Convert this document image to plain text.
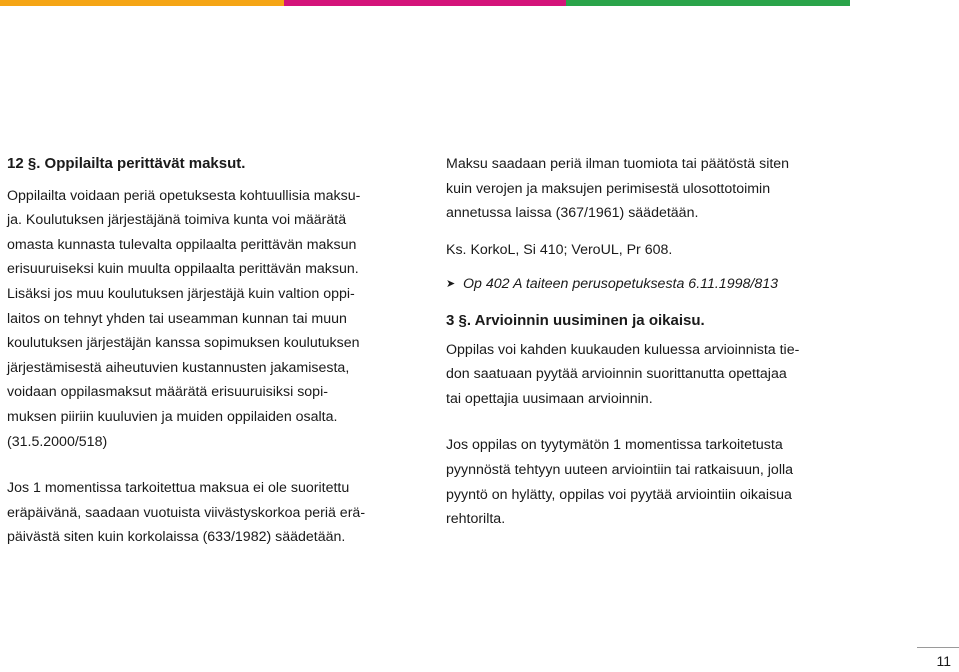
12 §. Oppilailta perittävät maksut.

Oppilailta voidaan periä opetuksesta kohtuullisia maksu-
ja. Koulutuksen järjestäjänä toimiva kunta voi määrätä
omasta kunnasta tulevalta oppilaalta perittävän maksun
erisuuruiseksi kuin muulta oppilaalta perittävän maksun.
Lisäksi jos muu koulutuksen järjestäjä kuin valtion oppi-
laitos on tehnyt yhden tai useamman kunnan tai muun
koulutuksen järjestäjän kanssa sopimuksen koulutuksen
järjestämisestä aiheutuvien kustannusten jakamisesta,
voidaan oppilasmaksut määrätä erisuuruisiksi sopi-
muksen piiriin kuuluvien ja muiden oppilaiden osalta.
(31.5.2000/518)

Jos 1 momentissa tarkoitettua maksua ei ole suoritettu
eräpäivänä, saadaan vuotuista viivästyskorkoa periä erä-
päivästä siten kuin korkolaissa (633/1982) säädetään.

Maksu saadaan periä ilman tuomiota tai päätöstä siten
kuin verojen ja maksujen perimisestä ulosottotoimin
annetussa laissa (367/1961) säädetään.

Ks. KorkoL, Si 410; VeroUL, Pr 608.

➤ Op 402 A taiteen perusopetuksesta 6.11.1998/813
3 §. Arvioinnin uusiminen ja oikaisu.

Oppilas voi kahden kuukauden kuluessa arvioinnista tie-
don saatuaan pyytää arvioinnin suorittanutta opettajaa
tai opettajia uusimaan arvioinnin.

Jos oppilas on tyytymätön 1 momentissa tarkoitetusta
pyynnöstä tehtyyn uuteen arviointiin tai ratkaisuun, jolla
pyyntö on hylätty, oppilas voi pyytää arviointiin oikaisua
rehtorilta.

11
